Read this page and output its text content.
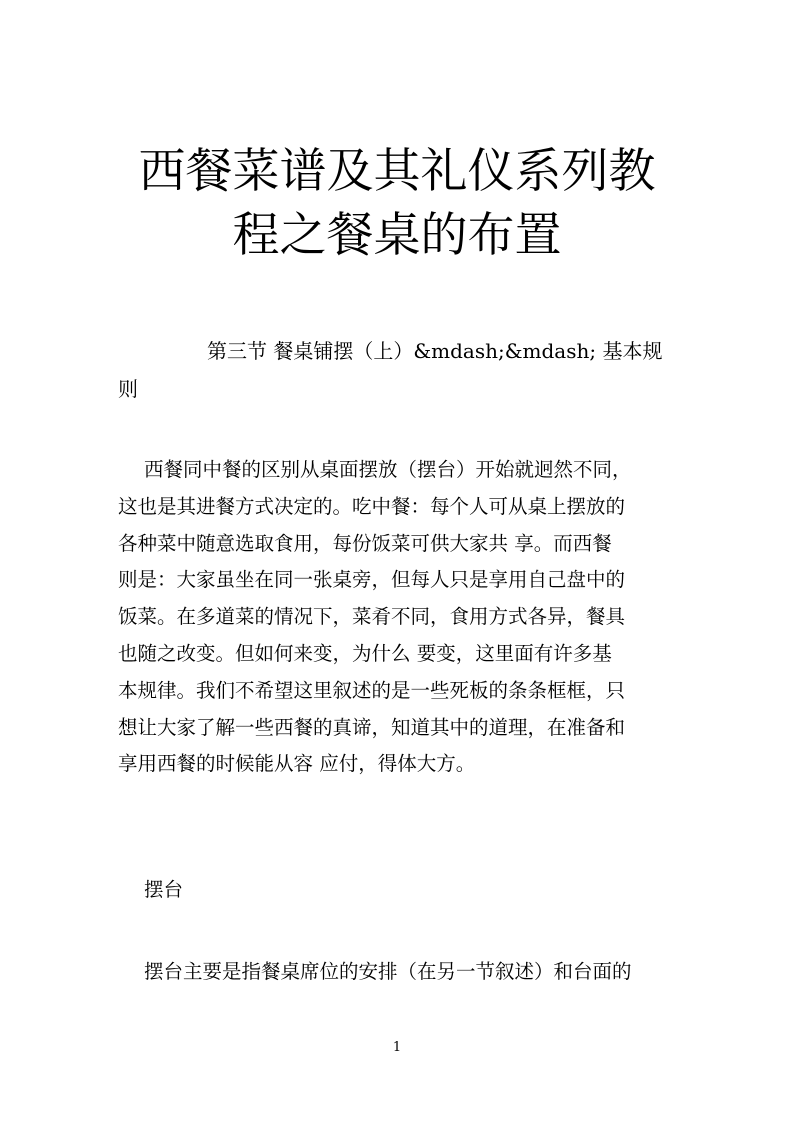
西餐菜谱及其礼仪系列教
程之餐桌的布置
第三节 餐桌铺摆（上）&mdash;&mdash; 基本规
则

西餐同中餐的区别从桌面摆放（摆台）开始就迥然不同，
这也是其进餐方式决定的。吃中餐：每个人可从桌上摆放的
各种菜中随意选取食用，每份饭菜可供大家共 享。而西餐
则是：大家虽坐在同一张桌旁，但每人只是享用自己盘中的
饭菜。在多道菜的情况下，菜肴不同，食用方式各异，餐具
也随之改变。但如何来变，为什么 要变，这里面有许多基
本规律。我们不希望这里叙述的是一些死板的条条框框，只
想让大家了解一些西餐的真谛，知道其中的道理，在准备和
享用西餐的时候能从容 应付，得体大方。

摆台

摆台主要是指餐桌席位的安排（在另一节叙述）和台面的

1
